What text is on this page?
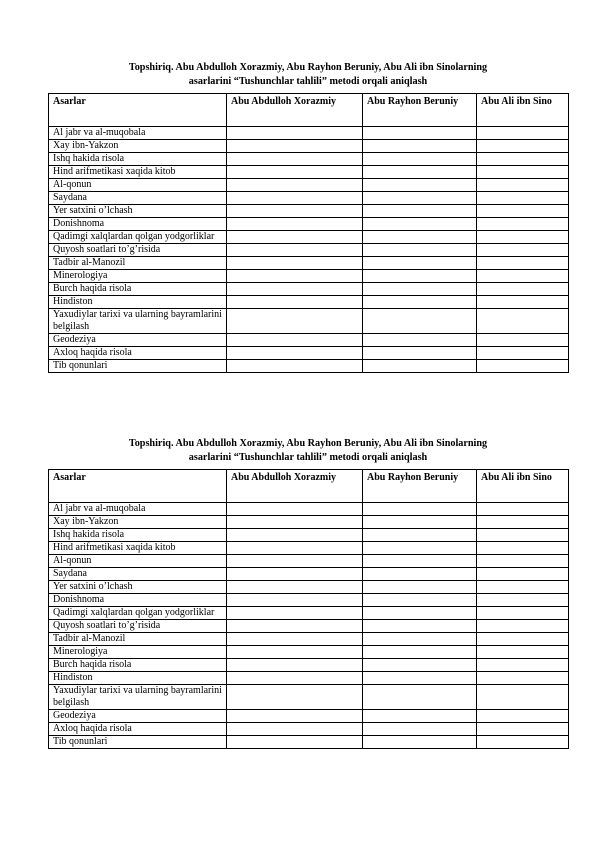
Topshiriq. Abu Abdulloh Xorazmiy, Abu Rayhon Beruniy, Abu Ali ibn Sinolarning
asarlarini “Tushunchlar tahlili” metodi orqali aniqlash

Asarlar	Abu Abdulloh Xorazmiy	Abu Rayhon Beruniy	Abu Ali ibn Sino
Al jabr va al-muqobala			
Xay ibn-Yakzon			
Ishq hakida risola			
Hind arifmetikasi xaqida kitob			
Al-qonun			
Saydana			
Yer satxini o’lchash			
Donishnoma			
Qadimgi xalqlardan qolgan yodgorliklar			
Quyosh soatlari to’g’risida			
Tadbir al-Manozil			
Minerologiya			
Burch haqida risola			
Hindiston			
Yaxudiylar tarixi va ularning bayramlarini belgilash			
Geodeziya			
Axloq haqida risola			
Tib qonunlari			

Topshiriq. Abu Abdulloh Xorazmiy, Abu Rayhon Beruniy, Abu Ali ibn Sinolarning
asarlarini “Tushunchlar tahlili” metodi orqali aniqlash

Asarlar	Abu Abdulloh Xorazmiy	Abu Rayhon Beruniy	Abu Ali ibn Sino
Al jabr va al-muqobala			
Xay ibn-Yakzon			
Ishq hakida risola			
Hind arifmetikasi xaqida kitob			
Al-qonun			
Saydana			
Yer satxini o’lchash			
Donishnoma			
Qadimgi xalqlardan qolgan yodgorliklar			
Quyosh soatlari to’g’risida			
Tadbir al-Manozil			
Minerologiya			
Burch haqida risola			
Hindiston			
Yaxudiylar tarixi va ularning bayramlarini belgilash			
Geodeziya			
Axloq haqida risola			
Tib qonunlari			
